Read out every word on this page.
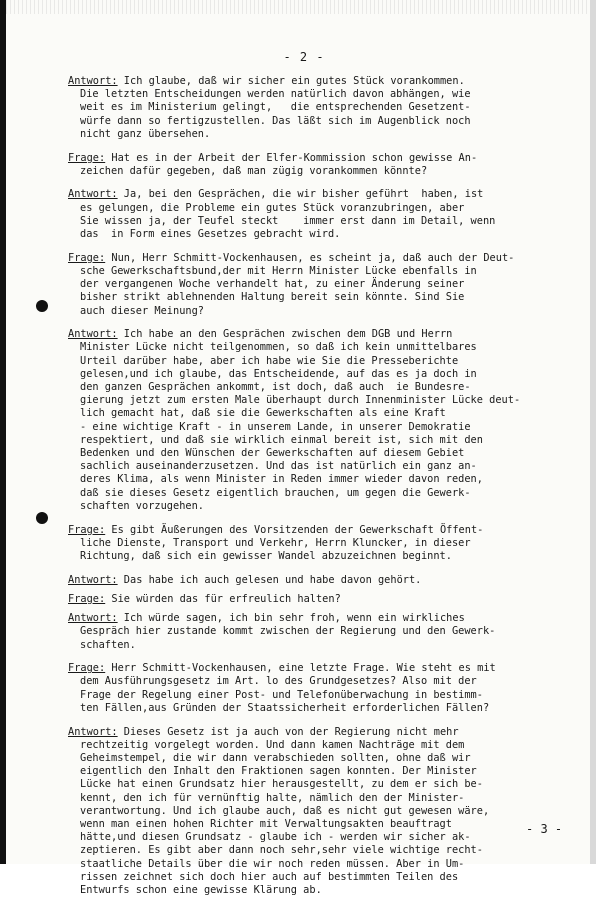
- 2 -
Antwort: Ich glaube, daß wir sicher ein gutes Stück vorankommen.
Die letzten Entscheidungen werden natürlich davon abhängen, wie
weit es im Ministerium gelingt,   die entsprechenden Gesetzent-
würfe dann so fertigzustellen. Das läßt sich im Augenblick noch
nicht ganz übersehen.
Frage: Hat es in der Arbeit der Elfer-Kommission schon gewisse An-
zeichen dafür gegeben, daß man zügig vorankommen könnte?
Antwort: Ja, bei den Gesprächen, die wir bisher geführt  haben, ist
es gelungen, die Probleme ein gutes Stück voranzubringen, aber
Sie wissen ja, der Teufel steckt    immer erst dann im Detail, wenn
das  in Form eines Gesetzes gebracht wird.
Frage: Nun, Herr Schmitt-Vockenhausen, es scheint ja, daß auch der Deut-
sche Gewerkschaftsbund,der mit Herrn Minister Lücke ebenfalls in
der vergangenen Woche verhandelt hat, zu einer Änderung seiner
bisher strikt ablehnenden Haltung bereit sein könnte. Sind Sie
auch dieser Meinung?
Antwort: Ich habe an den Gesprächen zwischen dem DGB und Herrn
Minister Lücke nicht teilgenommen, so daß ich kein unmittelbares
Urteil darüber habe, aber ich habe wie Sie die Presseberichte
gelesen,und ich glaube, das Entscheidende, auf das es ja doch in
den ganzen Gesprächen ankommt, ist doch, daß auch  ie Bundesre-
gierung jetzt zum ersten Male überhaupt durch Innenminister Lücke deut-
lich gemacht hat, daß sie die Gewerkschaften als eine Kraft
- eine wichtige Kraft - in unserem Lande, in unserer Demokratie
respektiert, und daß sie wirklich einmal bereit ist, sich mit den
Bedenken und den Wünschen der Gewerkschaften auf diesem Gebiet
sachlich auseinanderzusetzen. Und das ist natürlich ein ganz an-
deres Klima, als wenn Minister in Reden immer wieder davon reden,
daß sie dieses Gesetz eigentlich brauchen, um gegen die Gewerk-
schaften vorzugehen.
Frage: Es gibt Äußerungen des Vorsitzenden der Gewerkschaft Öffent-
liche Dienste, Transport und Verkehr, Herrn Kluncker, in dieser
Richtung, daß sich ein gewisser Wandel abzuzeichnen beginnt.
Antwort: Das habe ich auch gelesen und habe davon gehört.
Frage: Sie würden das für erfreulich halten?
Antwort: Ich würde sagen, ich bin sehr froh, wenn ein wirkliches
Gespräch hier zustande kommt zwischen der Regierung und den Gewerk-
schaften.
Frage: Herr Schmitt-Vockenhausen, eine letzte Frage. Wie steht es mit
dem Ausführungsgesetz im Art. lo des Grundgesetzes? Also mit der
Frage der Regelung einer Post- und Telefonüberwachung in bestimm-
ten Fällen,aus Gründen der Staatssicherheit erforderlichen Fällen?
Antwort: Dieses Gesetz ist ja auch von der Regierung nicht mehr
rechtzeitig vorgelegt worden. Und dann kamen Nachträge mit dem
Geheimstempel, die wir dann verabschieden sollten, ohne daß wir
eigentlich den Inhalt den Fraktionen sagen konnten. Der Minister
Lücke hat einen Grundsatz hier herausgestellt, zu dem er sich be-
kennt, den ich für vernünftig halte, nämlich den der Minister-
verantwortung. Und ich glaube auch, daß es nicht gut gewesen wäre,
wenn man einen hohen Richter mit Verwaltungsakten beauftragt
hätte,und diesen Grundsatz - glaube ich - werden wir sicher ak-
zeptieren. Es gibt aber dann noch sehr,sehr viele wichtige recht-
staatliche Details über die wir noch reden müssen. Aber in Um-
rissen zeichnet sich doch hier auch auf bestimmten Teilen des
Entwurfs schon eine gewisse Klärung ab.
- 3 -
